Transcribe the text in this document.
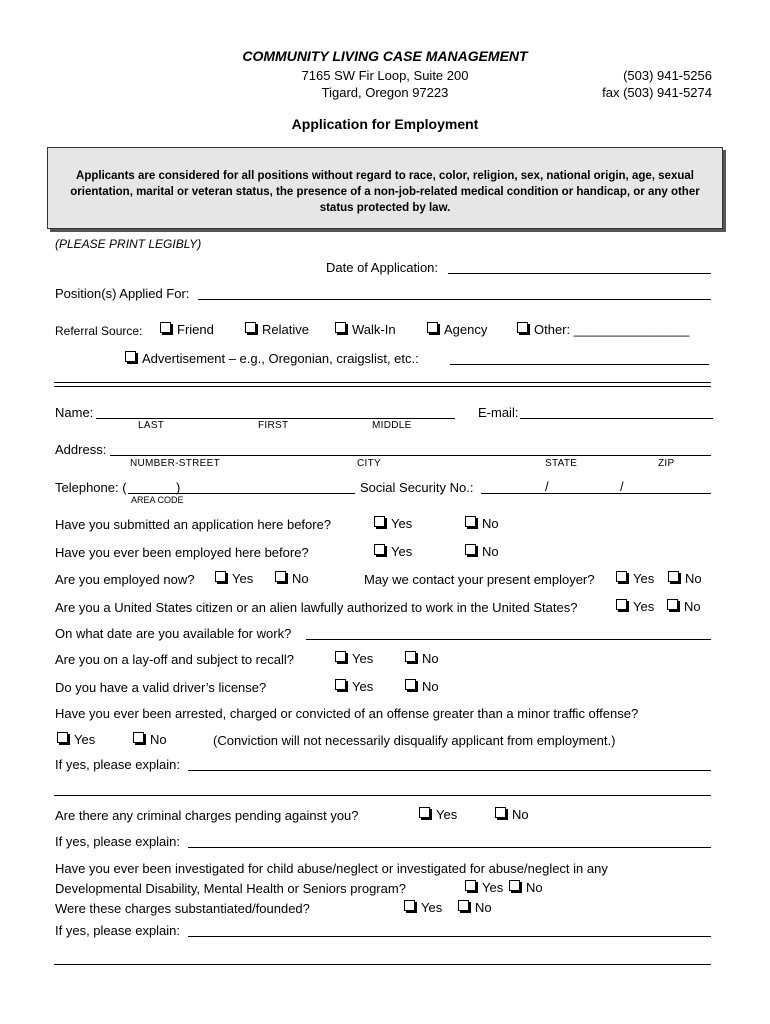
COMMUNITY LIVING CASE MANAGEMENT
7165 SW Fir Loop, Suite 200
Tigard, Oregon 97223
(503) 941-5256
fax (503) 941-5274
Application for Employment

Applicants are considered for all positions without regard to race, color, religion, sex, national origin, age, sexual orientation, marital or veteran status, the presence of a non-job-related medical condition or handicap, or any other status protected by law.

(PLEASE PRINT LEGIBLY)
Date of Application:
Position(s) Applied For:
Referral Source:	Friend	Relative	Walk-In	Agency	Other: ________________
Advertisement – e.g., Oregonian, craigslist, etc.:
Name:	E-mail:
LAST	FIRST	MIDDLE
Address:
NUMBER-STREET	CITY	STATE	ZIP
Telephone: (	)
AREA CODE
Social Security No.:	/	/
Have you submitted an application here before?	Yes	No
Have you ever been employed here before?	Yes	No
Are you employed now?	Yes	No	May we contact your present employer?	Yes	No
Are you a United States citizen or an alien lawfully authorized to work in the United States?	Yes	No
On what date are you available for work?
Are you on a lay-off and subject to recall?	Yes	No
Do you have a valid driver’s license?	Yes	No
Have you ever been arrested, charged or convicted of an offense greater than a minor traffic offense?
Yes	No	(Conviction will not necessarily disqualify applicant from employment.)
If yes, please explain:
Are there any criminal charges pending against you?	Yes	No
If yes, please explain:
Have you ever been investigated for child abuse/neglect or investigated for abuse/neglect in any
Developmental Disability, Mental Health or Seniors program?	Yes	No
Were these charges substantiated/founded?	Yes	No
If yes, please explain:
